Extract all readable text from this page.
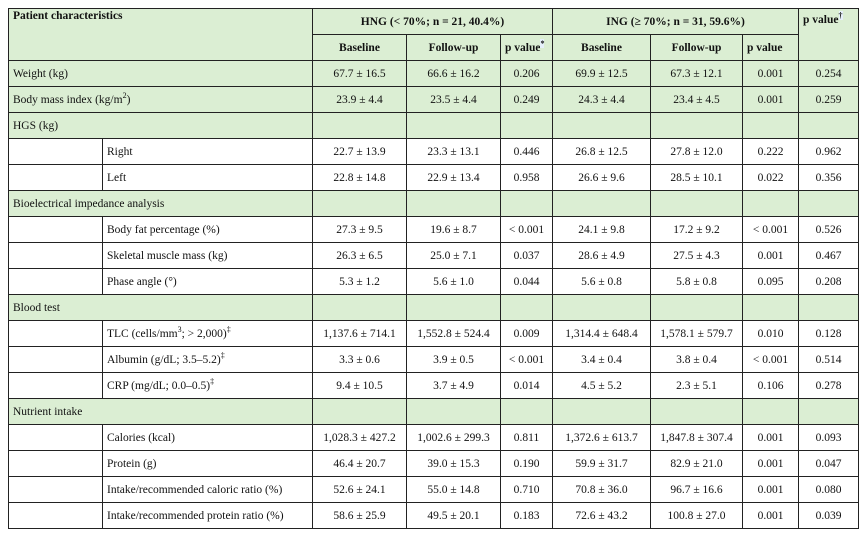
Patient characteristics		HNG (< 70%; n = 21, 40.4%)			ING (≥ 70%; n = 31, 59.6%)			p value†
		Baseline	Follow-up	p value*	Baseline	Follow-up	p value	
Weight (kg)		67.7 ± 16.5	66.6 ± 16.2	0.206	69.9 ± 12.5	67.3 ± 12.1	0.001	0.254
Body mass index $(kg/m^2)$		23.9 ± 4.4	23.5 ± 4.4	0.249	24.3 ± 4.4	23.4 ± 4.5	0.001	0.259
HGS (kg)								
	Right	22.7 ± 13.9	23.3 ± 13.1	0.446	26.8 ± 12.5	27.8 ± 12.0	0.222	0.962
	Left	22.8 ± 14.8	22.9 ± 13.4	0.958	26.6 ± 9.6	28.5 ± 10.1	0.022	0.356
Bioelectrical impedance analysis								
	Body fat percentage (%)	27.3 ± 9.5	19.6 ± 8.7	< 0.001	24.1 ± 9.8	17.2 ± 9.2	< 0.001	0.526
	Skeletal muscle mass (kg)	26.3 ± 6.5	25.0 ± 7.1	0.037	28.6 ± 4.9	27.5 ± 4.3	0.001	0.467
	Phase angle (°)	5.3 ± 1.2	5.6 ± 1.0	0.044	5.6 ± 0.8	5.8 ± 0.8	0.095	0.208
Blood test								
	TLC ($cells/mm^3$; > 2,000)‡	1,137.6 ± 714.1	1,552.8 ± 524.4	0.009	1,314.4 ± 648.4	1,578.1 ± 579.7	0.010	0.128
	Albumin (g/dL; 3.5–5.2)‡	3.3 ± 0.6	3.9 ± 0.5	< 0.001	3.4 ± 0.4	3.8 ± 0.4	< 0.001	0.514
	CRP (mg/dL; 0.0–0.5)‡	9.4 ± 10.5	3.7 ± 4.9	0.014	4.5 ± 5.2	2.3 ± 5.1	0.106	0.278
Nutrient intake								
	Calories (kcal)	1,028.3 ± 427.2	1,002.6 ± 299.3	0.811	1,372.6 ± 613.7	1,847.8 ± 307.4	0.001	0.093
	Protein (g)	46.4 ± 20.7	39.0 ± 15.3	0.190	59.9 ± 31.7	82.9 ± 21.0	0.001	0.047
	Intake/recommended caloric ratio (%)	52.6 ± 24.1	55.0 ± 14.8	0.710	70.8 ± 36.0	96.7 ± 16.6	0.001	0.080
	Intake/recommended protein ratio (%)	58.6 ± 25.9	49.5 ± 20.1	0.183	72.6 ± 43.2	100.8 ± 27.0	0.001	0.039
